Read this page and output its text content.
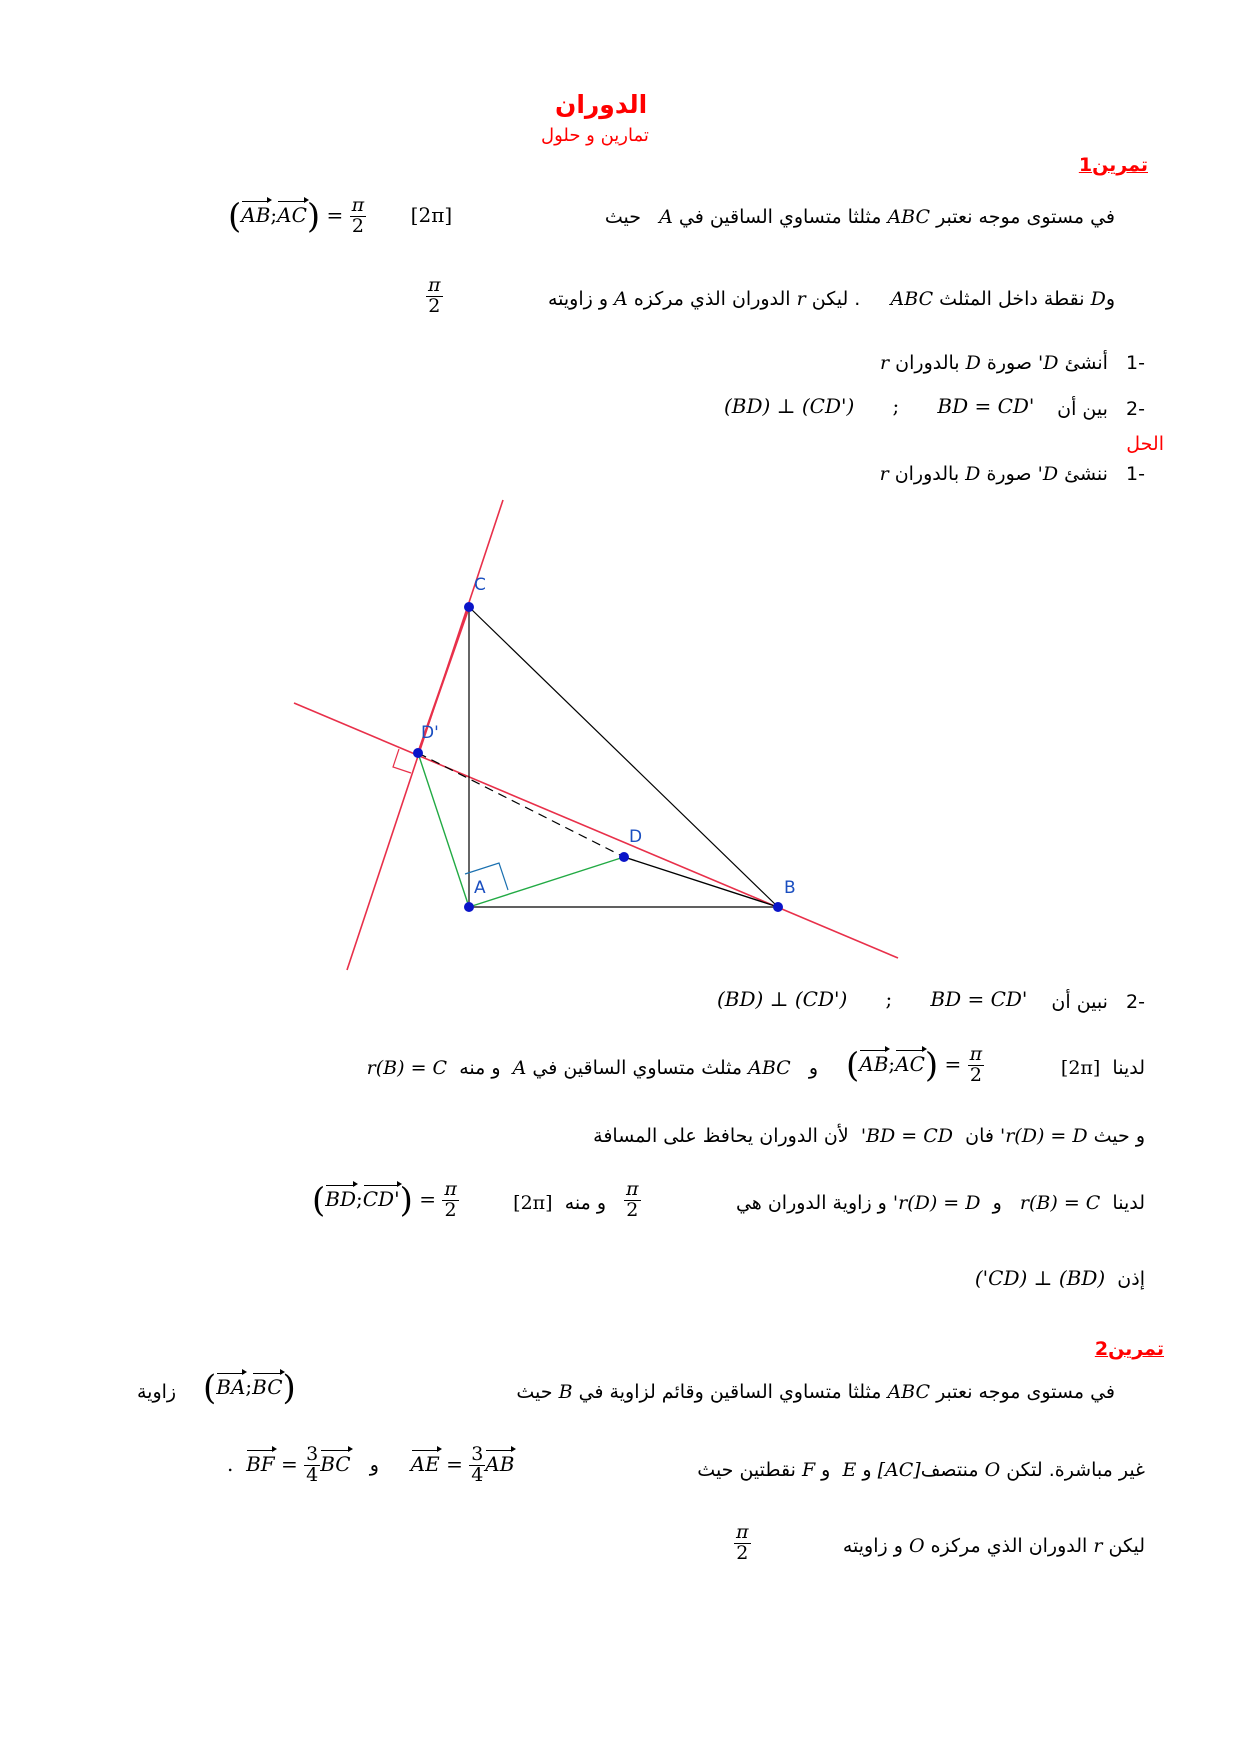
الدوران
تمارين و حلول
تمرين1
في مستوى موجه نعتبر ABC مثلثا متساوي الساقين في A   حيث
(AB;AC) = $\frac{\pi}{2} [2\pi]$
وD نقطة داخل المثلث ABC     . ليكن r الدوران الذي مركزه A و زاويته
$\frac{\pi}{2}$
-1   أنشئ D' صورة D بالدوران r
-2   بين أن
(BD) ⊥ (CD') ; BD = CD'
الحل
-1   ننشئ D' صورة D بالدوران r
C
D'
D
A	B
-2   نبين أن
(BD) ⊥ (CD') ; BD = CD'
لدينا  [2π]
(AB;AC) = $\frac{\pi}{2}$
و   ABC مثلث متساوي الساقين في A  و منه  r(B) = C
و حيث r(D) = D' فان  BD = CD'  لأن الدوران يحافظ على المسافة
لدينا  r(B) = C   و  r(D) = D' و زاوية الدوران هي
$\frac{\pi}{2}$
و منه  [2π]
(BD;CD') = $\frac{\pi}{2}$
إذن  (BD) ⊥ (CD')
تمرين2
في مستوى موجه نعتبر ABC مثلثا متساوي الساقين وقائم لزاوية في B حيث
(BA;BC)
زاوية
غير مباشرة. لتكن O منتصف[AC] و E  و F نقطتين حيث
. BF = $\frac{3}{4}$ BC و AE = $\frac{3}{4}$ AB
ليكن r الدوران الذي مركزه O و زاويته
$\frac{\pi}{2}$
